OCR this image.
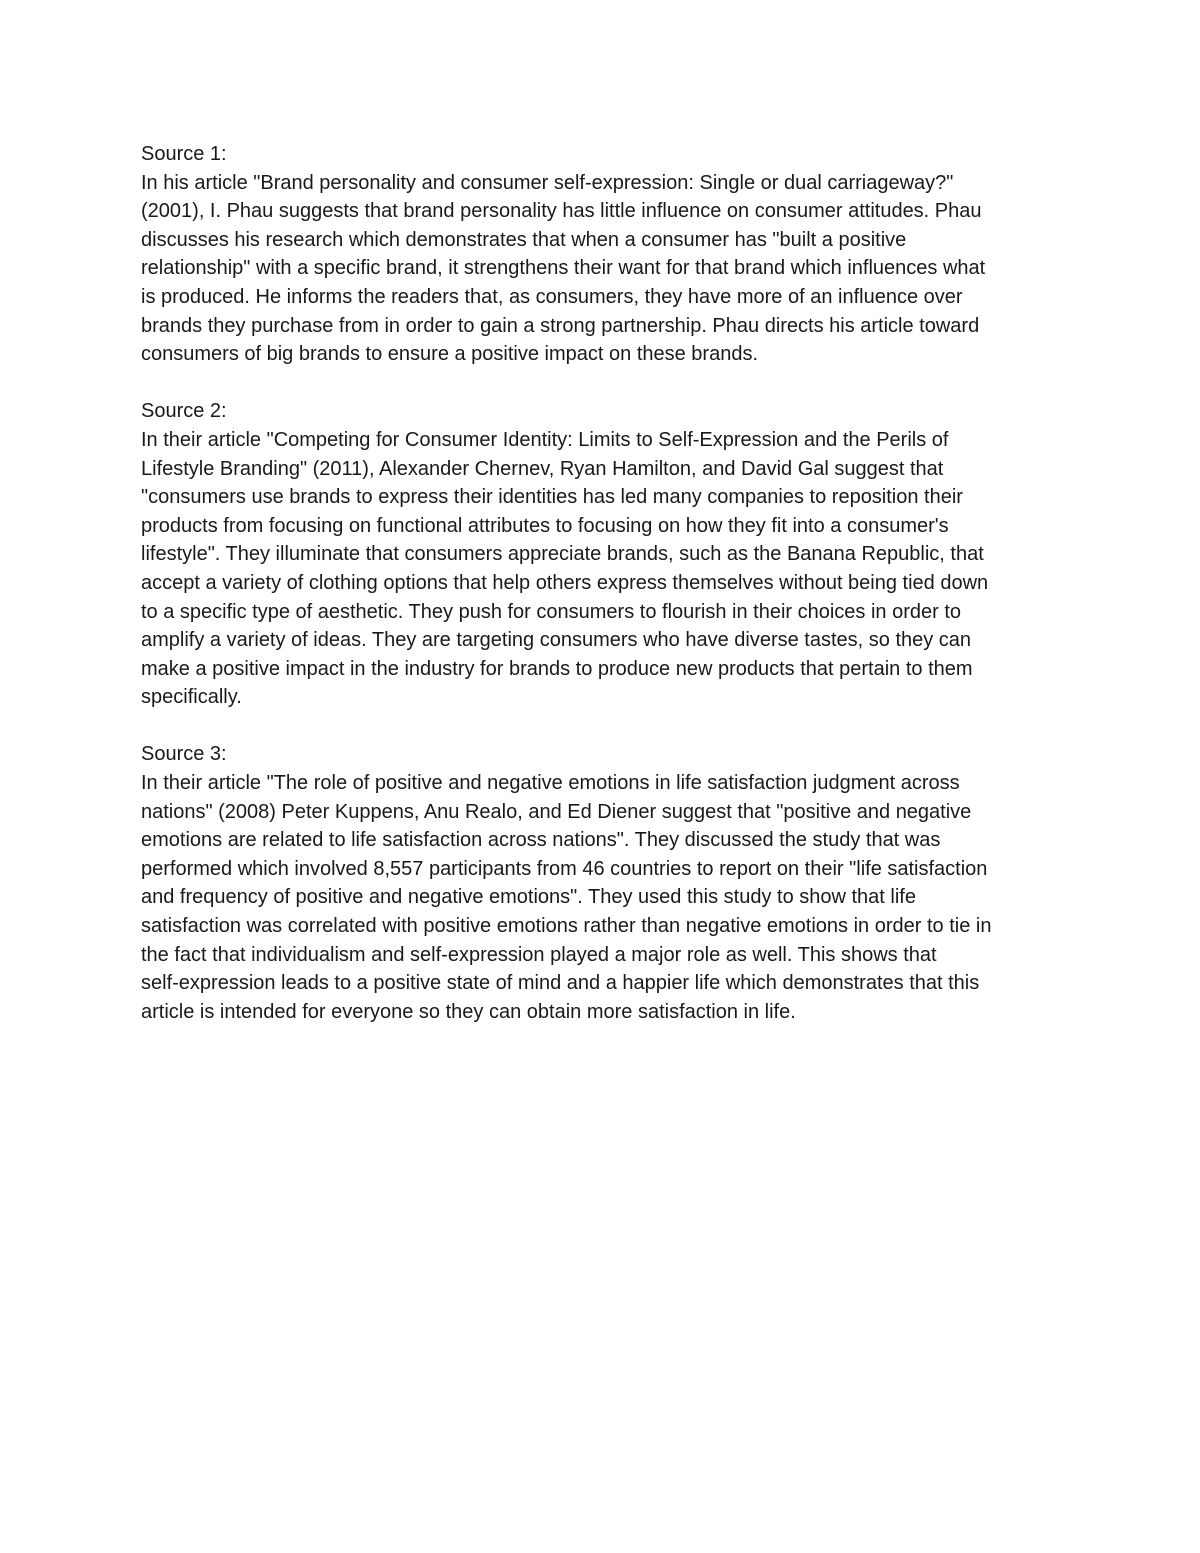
Source 1:
In his article "Brand personality and consumer self-expression: Single or dual carriageway?"
(2001), I. Phau suggests that brand personality has little influence on consumer attitudes. Phau
discusses his research which demonstrates that when a consumer has "built a positive
relationship" with a specific brand, it strengthens their want for that brand which influences what
is produced. He informs the readers that, as consumers, they have more of an influence over
brands they purchase from in order to gain a strong partnership. Phau directs his article toward
consumers of big brands to ensure a positive impact on these brands.
Source 2:
In their article "Competing for Consumer Identity: Limits to Self-Expression and the Perils of
Lifestyle Branding" (2011), Alexander Chernev, Ryan Hamilton, and David Gal suggest that
"consumers use brands to express their identities has led many companies to reposition their
products from focusing on functional attributes to focusing on how they fit into a consumer's
lifestyle". They illuminate that consumers appreciate brands, such as the Banana Republic, that
accept a variety of clothing options that help others express themselves without being tied down
to a specific type of aesthetic. They push for consumers to flourish in their choices in order to
amplify a variety of ideas. They are targeting consumers who have diverse tastes, so they can
make a positive impact in the industry for brands to produce new products that pertain to them
specifically.
Source 3:
In their article "The role of positive and negative emotions in life satisfaction judgment across
nations" (2008) Peter Kuppens, Anu Realo, and Ed Diener suggest that "positive and negative
emotions are related to life satisfaction across nations". They discussed the study that was
performed which involved 8,557 participants from 46 countries to report on their "life satisfaction
and frequency of positive and negative emotions". They used this study to show that life
satisfaction was correlated with positive emotions rather than negative emotions in order to tie in
the fact that individualism and self-expression played a major role as well. This shows that
self-expression leads to a positive state of mind and a happier life which demonstrates that this
article is intended for everyone so they can obtain more satisfaction in life.
